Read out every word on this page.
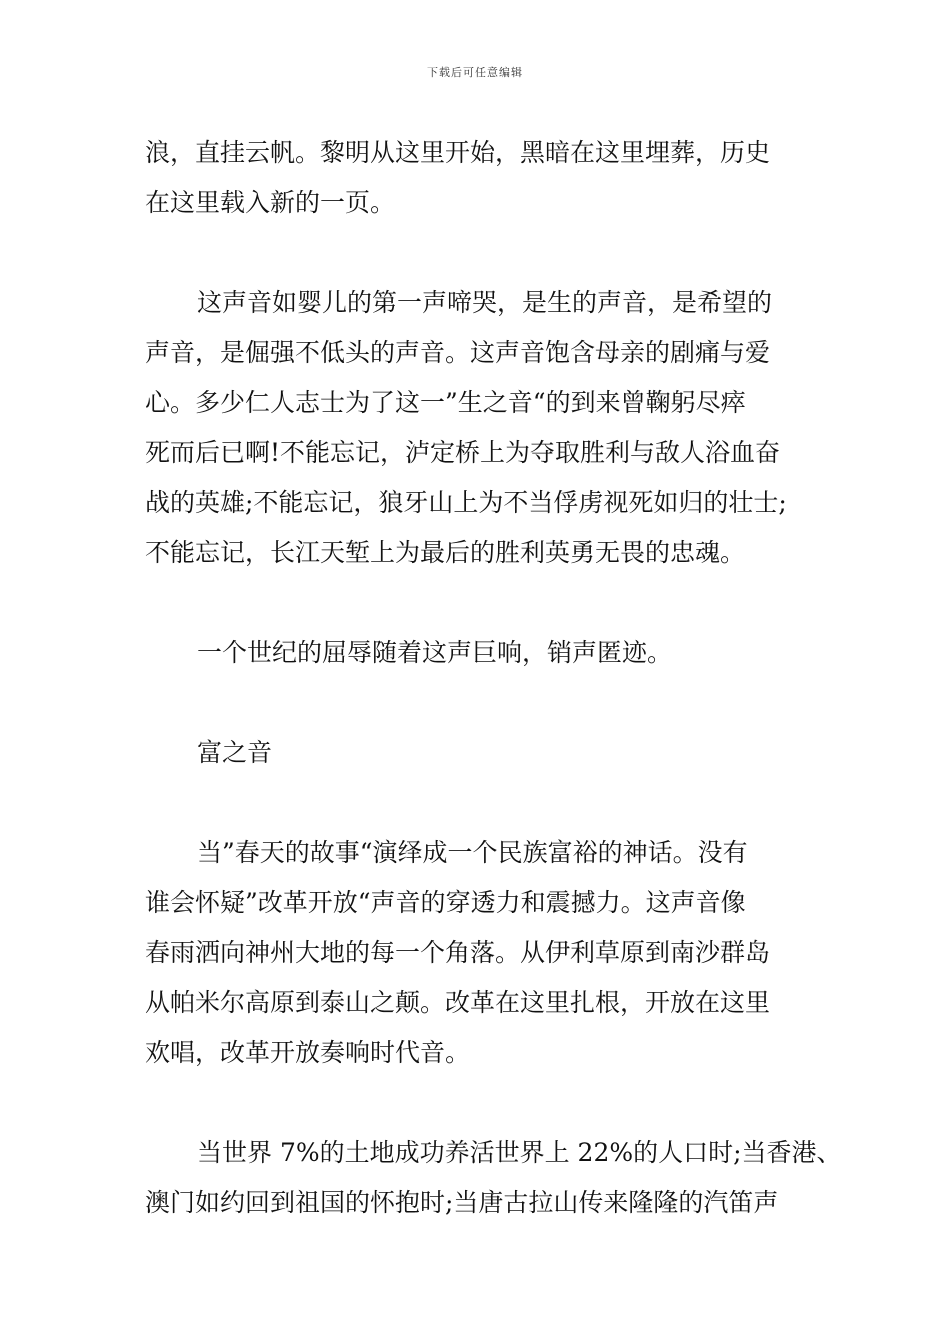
下载后可任意编辑
浪，直挂云帆。黎明从这里开始，黑暗在这里埋葬，历史
在这里载入新的一页。
这声音如婴儿的第一声啼哭，是生的声音，是希望的
声音，是倔强不低头的声音。这声音饱含母亲的剧痛与爱
心。多少仁人志士为了这一”生之音“的到来曾鞠躬尽瘁
死而后已啊!不能忘记，泸定桥上为夺取胜利与敌人浴血奋
战的英雄;不能忘记，狼牙山上为不当俘虏视死如归的壮士;
不能忘记，长江天堑上为最后的胜利英勇无畏的忠魂。
一个世纪的屈辱随着这声巨响，销声匿迹。
富之音
当”春天的故事“演绎成一个民族富裕的神话。没有
谁会怀疑”改革开放“声音的穿透力和震撼力。这声音像
春雨洒向神州大地的每一个角落。从伊利草原到南沙群岛
从帕米尔高原到泰山之颠。改革在这里扎根，开放在这里
欢唱，改革开放奏响时代音。
当世界 7%的土地成功养活世界上 22%的人口时;当香港、
澳门如约回到祖国的怀抱时;当唐古拉山传来隆隆的汽笛声
